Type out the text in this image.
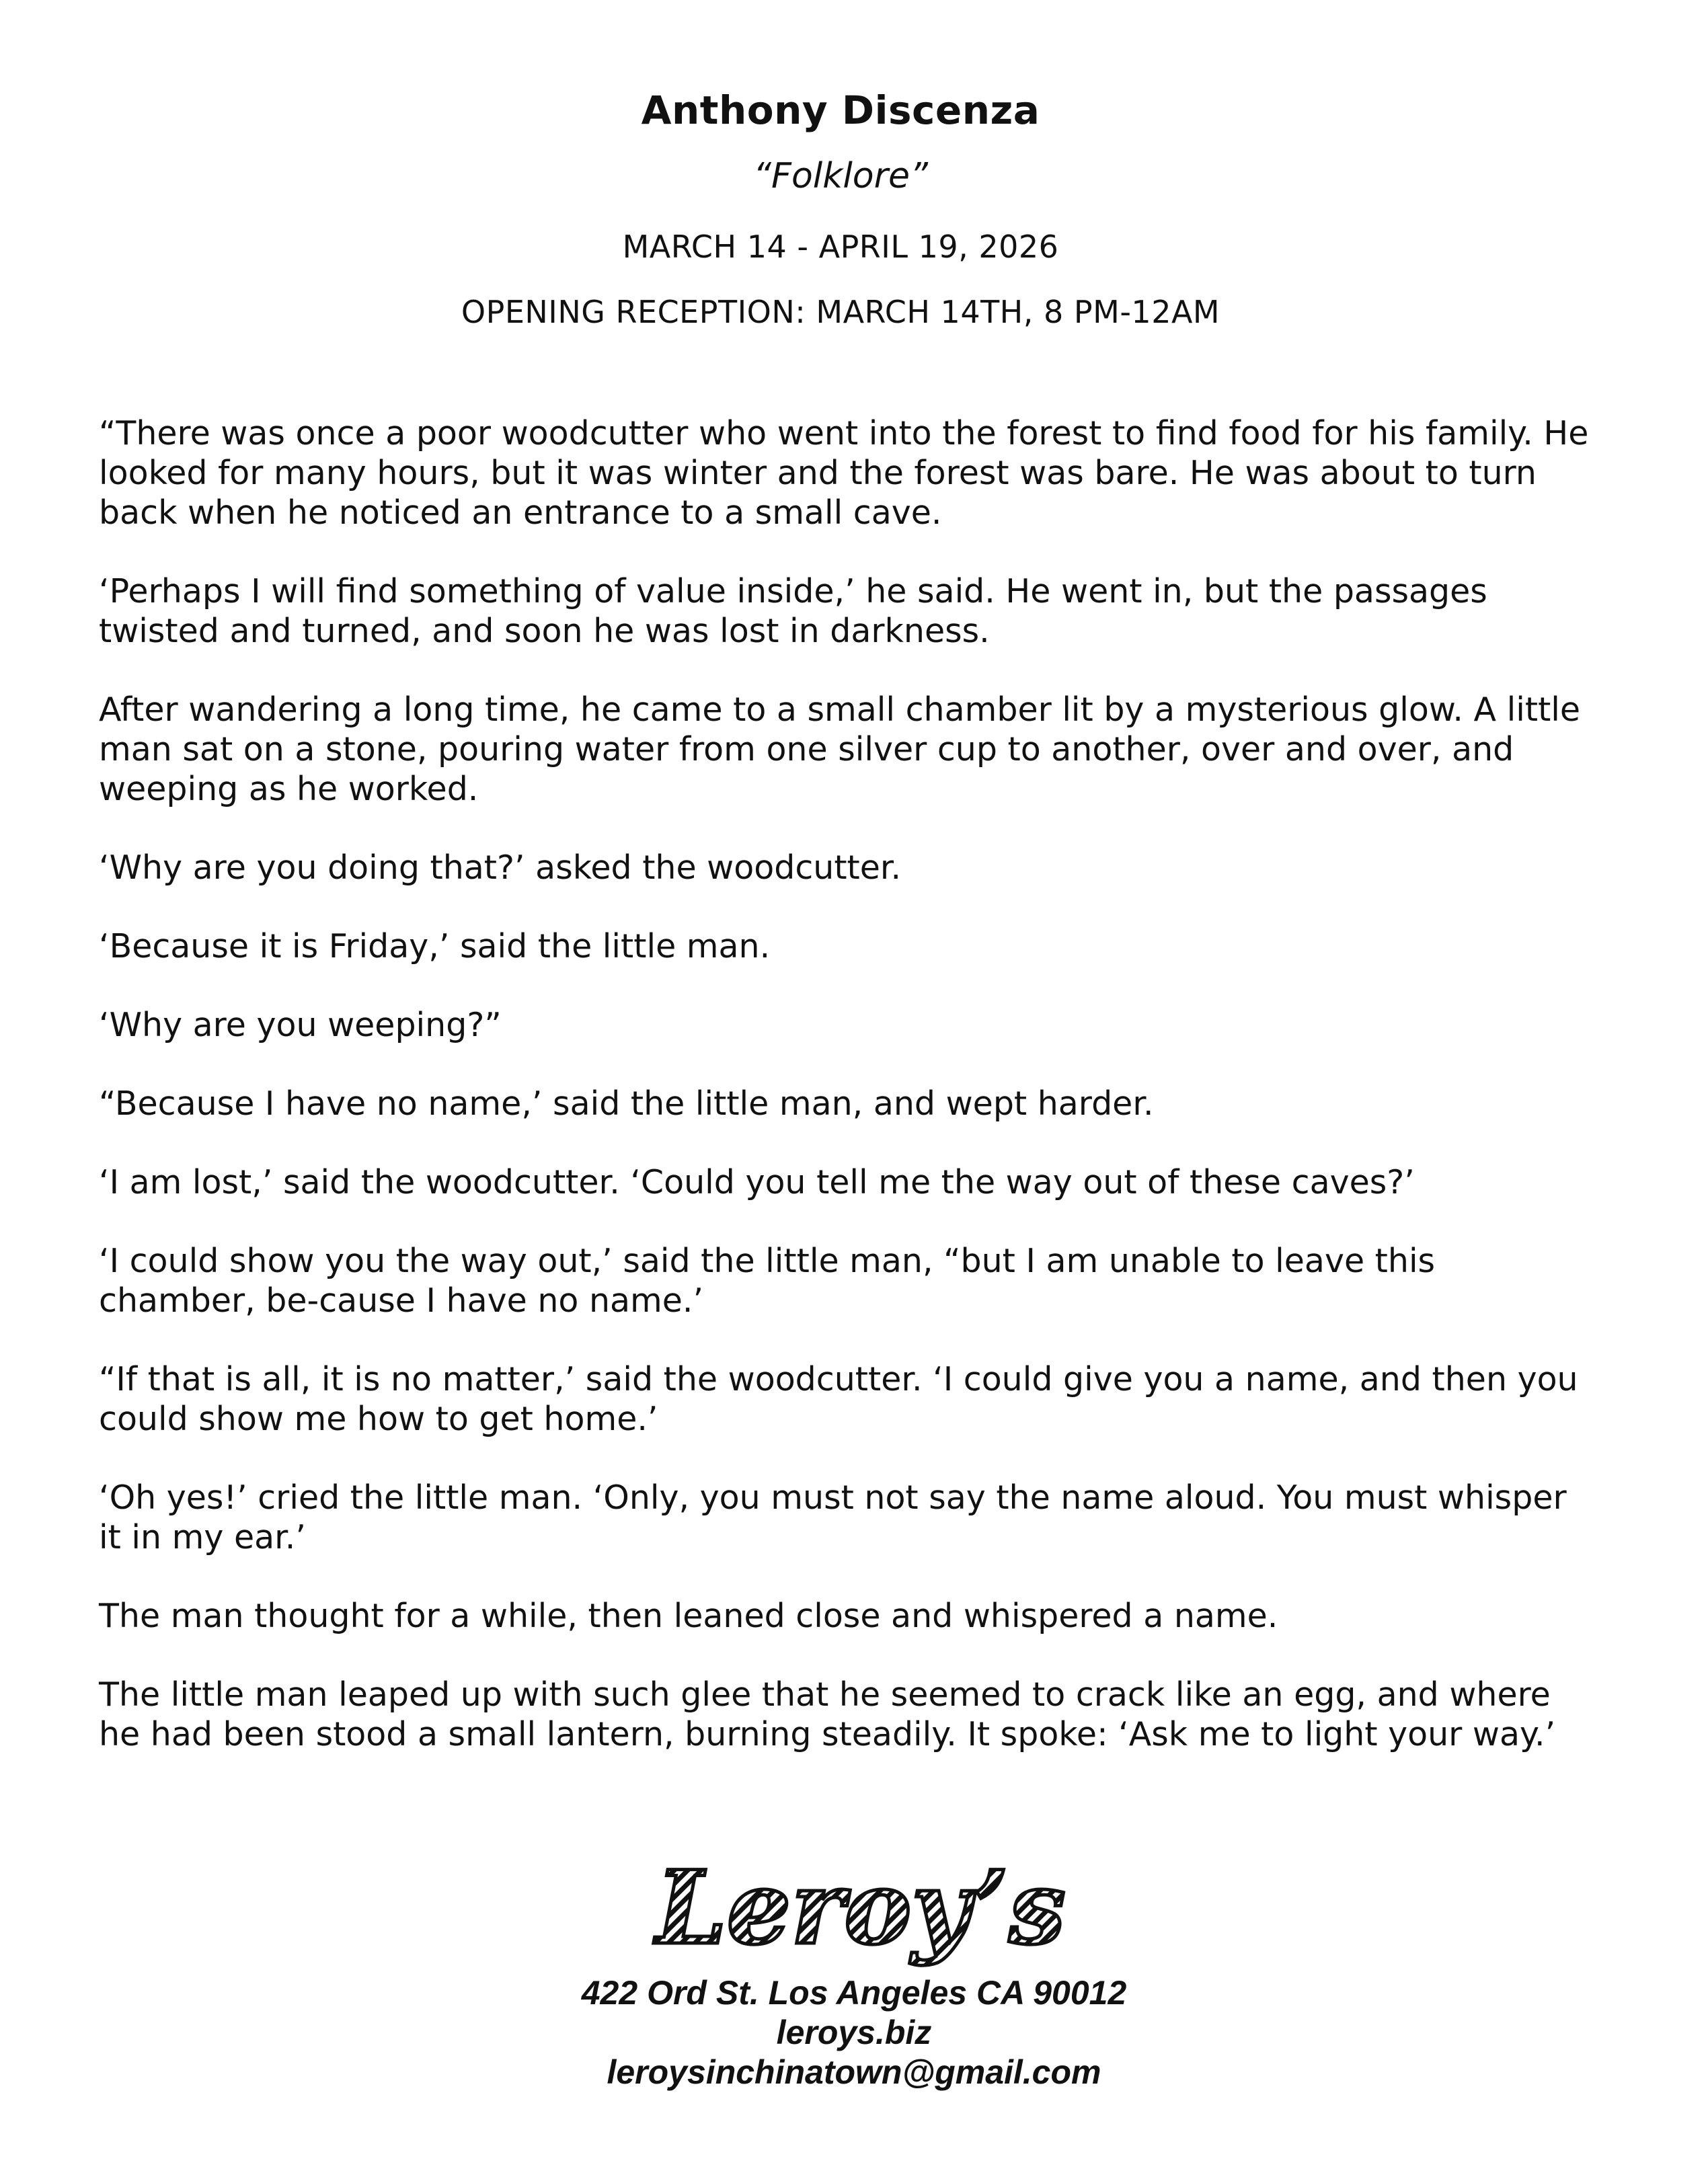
Anthony Discenza
“Folklore”
MARCH 14 - APRIL 19, 2026
OPENING RECEPTION: MARCH 14TH, 8 PM-12AM

“There was once a poor woodcutter who went into the forest to find food for his family. He looked for many hours, but it was winter and the forest was bare. He was about to turn back when he noticed an entrance to a small cave.

‘Perhaps I will find something of value inside,’ he said. He went in, but the passages twisted and turned, and soon he was lost in darkness.

After wandering a long time, he came to a small chamber lit by a mysterious glow. A little man sat on a stone, pouring water from one silver cup to another, over and over, and weeping as he worked.

‘Why are you doing that?’ asked the woodcutter.

‘Because it is Friday,’ said the little man.

‘Why are you weeping?”

“Because I have no name,’ said the little man, and wept harder.

‘I am lost,’ said the woodcutter. ‘Could you tell me the way out of these caves?’

‘I could show you the way out,’ said the little man, “but I am unable to leave this chamber, be-cause I have no name.’

“If that is all, it is no matter,’ said the woodcutter. ‘I could give you a name, and then you could show me how to get home.’

‘Oh yes!’ cried the little man. ‘Only, you must not say the name aloud. You must whisper it in my ear.’

The man thought for a while, then leaned close and whispered a name.

The little man leaped up with such glee that he seemed to crack like an egg, and where he had been stood a small lantern, burning steadily. It spoke: ‘Ask me to light your way.’

Leroy’s
422 Ord St. Los Angeles CA 90012
leroys.biz
leroysinchinatown@gmail.com
